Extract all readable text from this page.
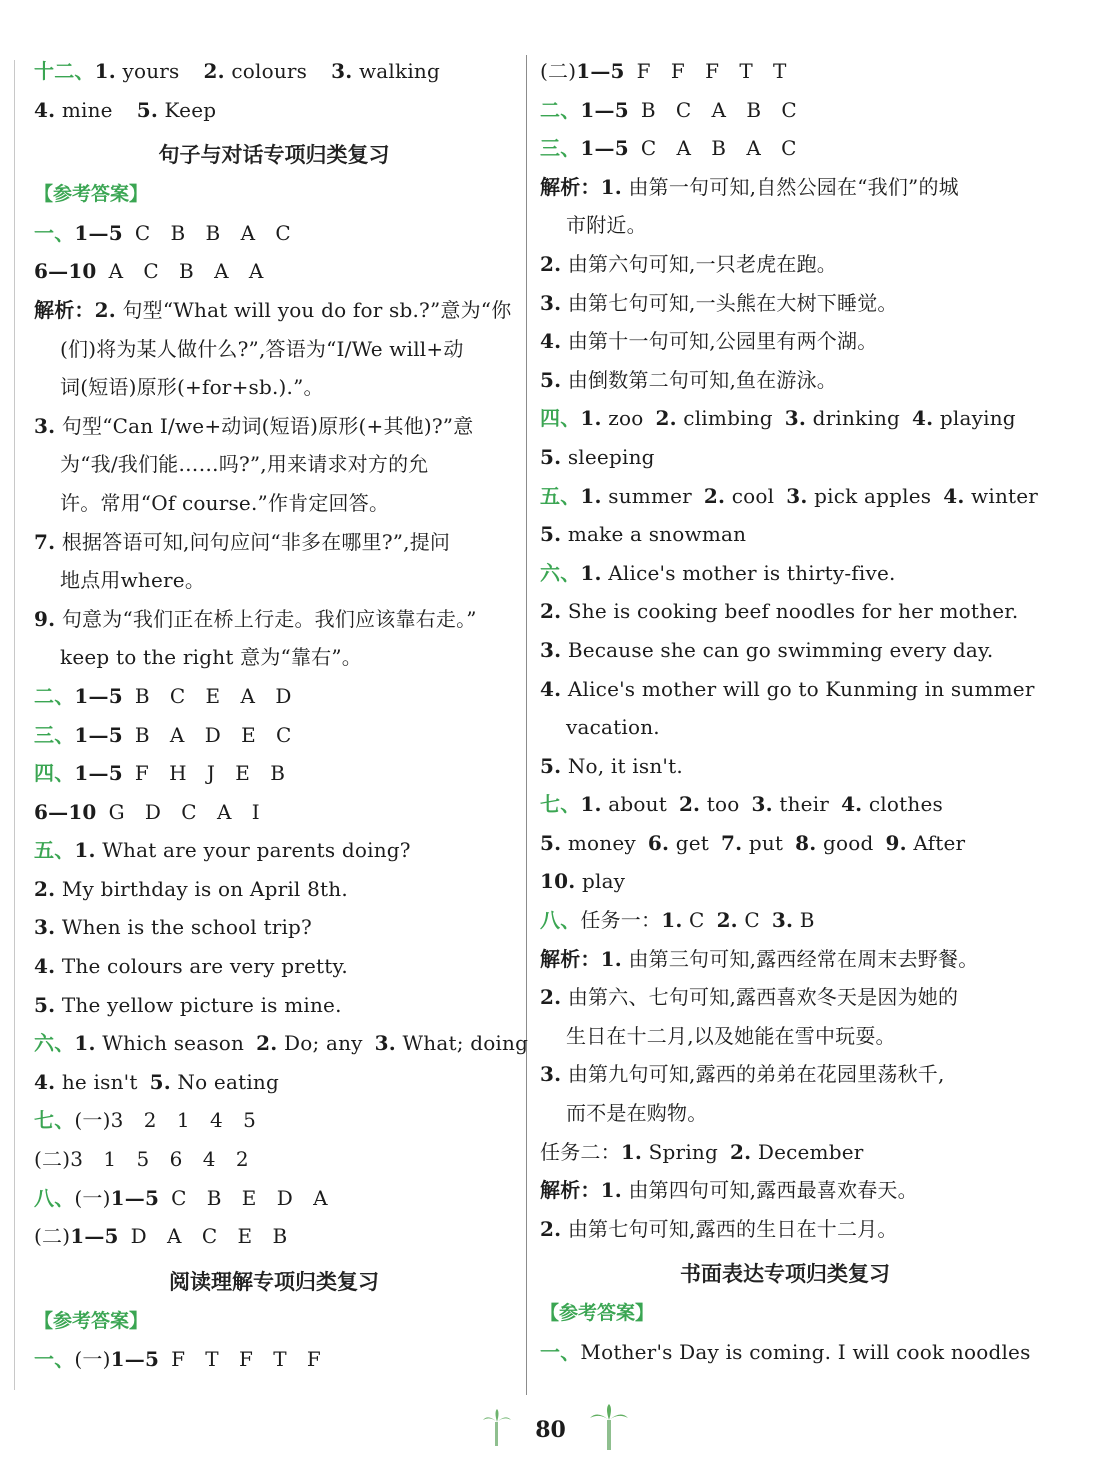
十二、1. yours 2. colours 3. walking
4. mine 5. Keep
句子与对话专项归类复习
【参考答案】
一、1—5 C B B A C
6—10 A C B A A
解析：2. 句型“What will you do for sb.?”意为“你
(们)将为某人做什么?”,答语为“I/We will+动
词(短语)原形(+for+sb.).”。
3. 句型“Can I/we+动词(短语)原形(+其他)?”意
为“我/我们能……吗?”,用来请求对方的允
许。常用“Of course.”作肯定回答。
7. 根据答语可知,问句应问“非多在哪里?”,提问
地点用where。
9. 句意为“我们正在桥上行走。我们应该靠右走。”
keep to the right 意为“靠右”。
二、1—5 B C E A D
三、1—5 B A D E C
四、1—5 F H J E B
6—10 G D C A I
五、1. What are your parents doing?
2. My birthday is on April 8th.
3. When is the school trip?
4. The colours are very pretty.
5. The yellow picture is mine.
六、1. Which season 2. Do; any 3. What; doing
4. he isn't 5. No eating
七、(一)3　2　1　4　5
(二)3　1　5　6　4　2
八、(一)1—5 C B E D A
(二)1—5 D A C E B
阅读理解专项归类复习
【参考答案】
一、(一)1—5 F T F T F
(二)1—5 F F F T T
二、1—5 B C A B C
三、1—5 C A B A C
解析：1. 由第一句可知,自然公园在“我们”的城
市附近。
2. 由第六句可知,一只老虎在跑。
3. 由第七句可知,一头熊在大树下睡觉。
4. 由第十一句可知,公园里有两个湖。
5. 由倒数第二句可知,鱼在游泳。
四、1. zoo 2. climbing 3. drinking 4. playing
5. sleeping
五、1. summer 2. cool 3. pick apples 4. winter
5. make a snowman
六、1. Alice's mother is thirty-five.
2. She is cooking beef noodles for her mother.
3. Because she can go swimming every day.
4. Alice's mother will go to Kunming in summer
vacation.
5. No, it isn't.
七、1. about 2. too 3. their 4. clothes
5. money 6. get 7. put 8. good 9. After
10. play
八、任务一：1. C 2. C 3. B
解析：1. 由第三句可知,露西经常在周末去野餐。
2. 由第六、七句可知,露西喜欢冬天是因为她的
生日在十二月,以及她能在雪中玩耍。
3. 由第九句可知,露西的弟弟在花园里荡秋千,
而不是在购物。
任务二：1. Spring 2. December
解析：1. 由第四句可知,露西最喜欢春天。
2. 由第七句可知,露西的生日在十二月。
书面表达专项归类复习
【参考答案】
一、Mother's Day is coming. I will cook noodles
80
